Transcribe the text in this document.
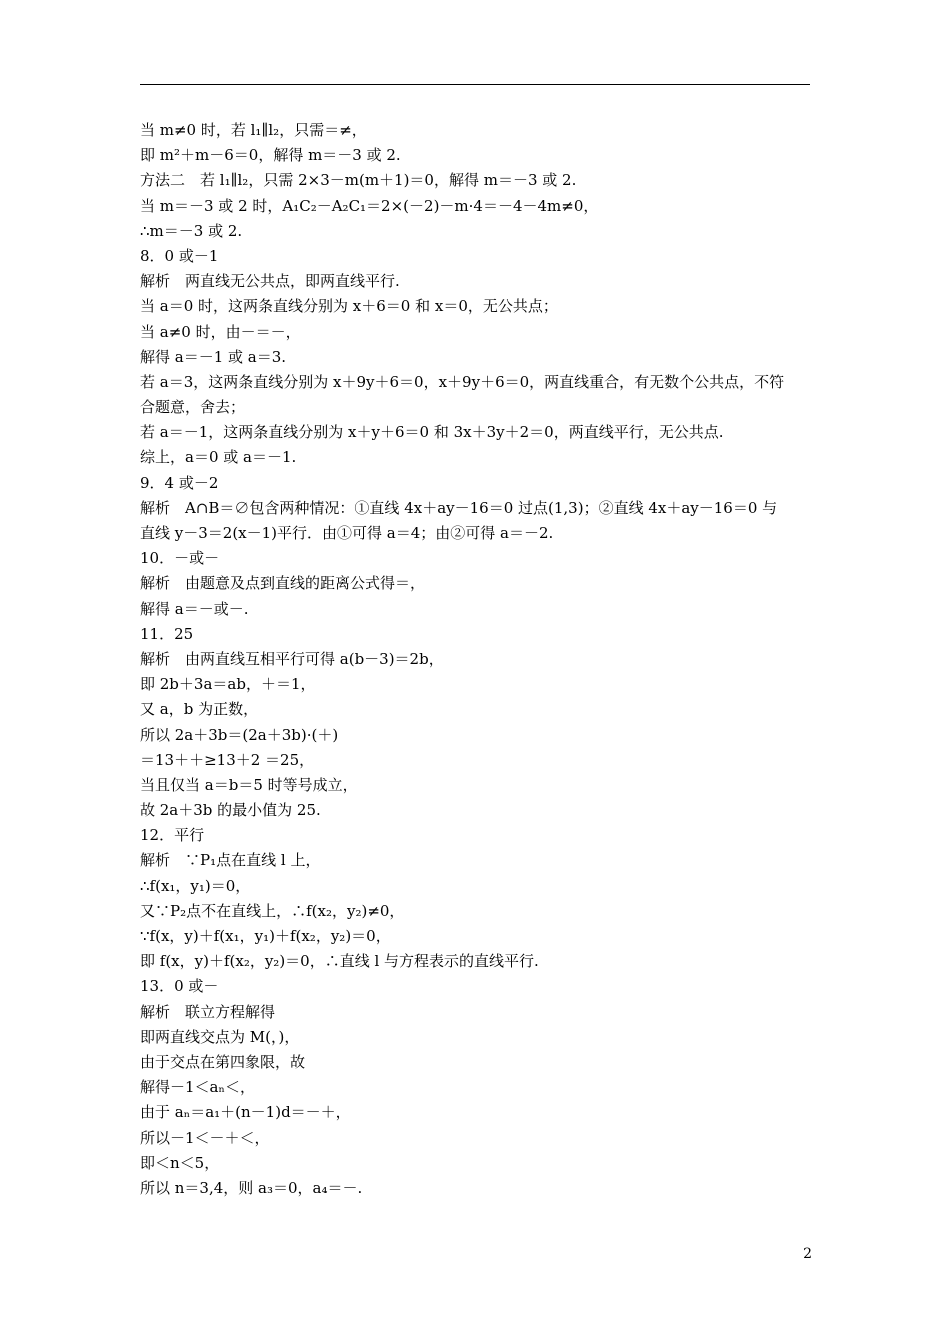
当 m≠0 时，若 l₁∥l₂，只需＝≠，
即 m²＋m－6＝0，解得 m＝－3 或 2.
方法二　若 l₁∥l₂，只需 2×3－m(m＋1)＝0，解得 m＝－3 或 2.
当 m＝－3 或 2 时，A₁C₂－A₂C₁＝2×(－2)－m·4＝－4－4m≠0，
∴m＝－3 或 2.
8．0 或－1
解析　两直线无公共点，即两直线平行.
当 a＝0 时，这两条直线分别为 x＋6＝0 和 x＝0，无公共点；
当 a≠0 时，由－＝－，
解得 a＝－1 或 a＝3.
若 a＝3，这两条直线分别为 x＋9y＋6＝0，x＋9y＋6＝0，两直线重合，有无数个公共点，不符
合题意，舍去；
若 a＝－1，这两条直线分别为 x＋y＋6＝0 和 3x＋3y＋2＝0，两直线平行，无公共点.
综上，a＝0 或 a＝－1.
9．4 或－2
解析　A∩B＝∅包含两种情况：①直线 4x＋ay－16＝0 过点(1,3)；②直线 4x＋ay－16＝0 与
直线 y－3＝2(x－1)平行．由①可得 a＝4；由②可得 a＝－2.
10．－或－
解析　由题意及点到直线的距离公式得＝，
解得 a＝－或－.
11．25
解析　由两直线互相平行可得 a(b－3)＝2b，
即 2b＋3a＝ab，＋＝1，
又 a，b 为正数，
所以 2a＋3b＝(2a＋3b)·(＋)
＝13＋＋≥13＋2 ＝25，
当且仅当 a＝b＝5 时等号成立，
故 2a＋3b 的最小值为 25.
12．平行
解析　∵P₁点在直线 l 上，
∴f(x₁，y₁)＝0，
又∵P₂点不在直线上，∴f(x₂，y₂)≠0，
∵f(x，y)＋f(x₁，y₁)＋f(x₂，y₂)＝0，
即 f(x，y)＋f(x₂，y₂)＝0，∴直线 l 与方程表示的直线平行.
13．0 或－
解析　联立方程解得
即两直线交点为 M(，)，
由于交点在第四象限，故
解得－1＜aₙ＜，
由于 aₙ＝a₁＋(n－1)d＝－＋，
所以－1＜－＋＜，
即＜n＜5，
所以 n＝3,4，则 a₃＝0，a₄＝－.
2
